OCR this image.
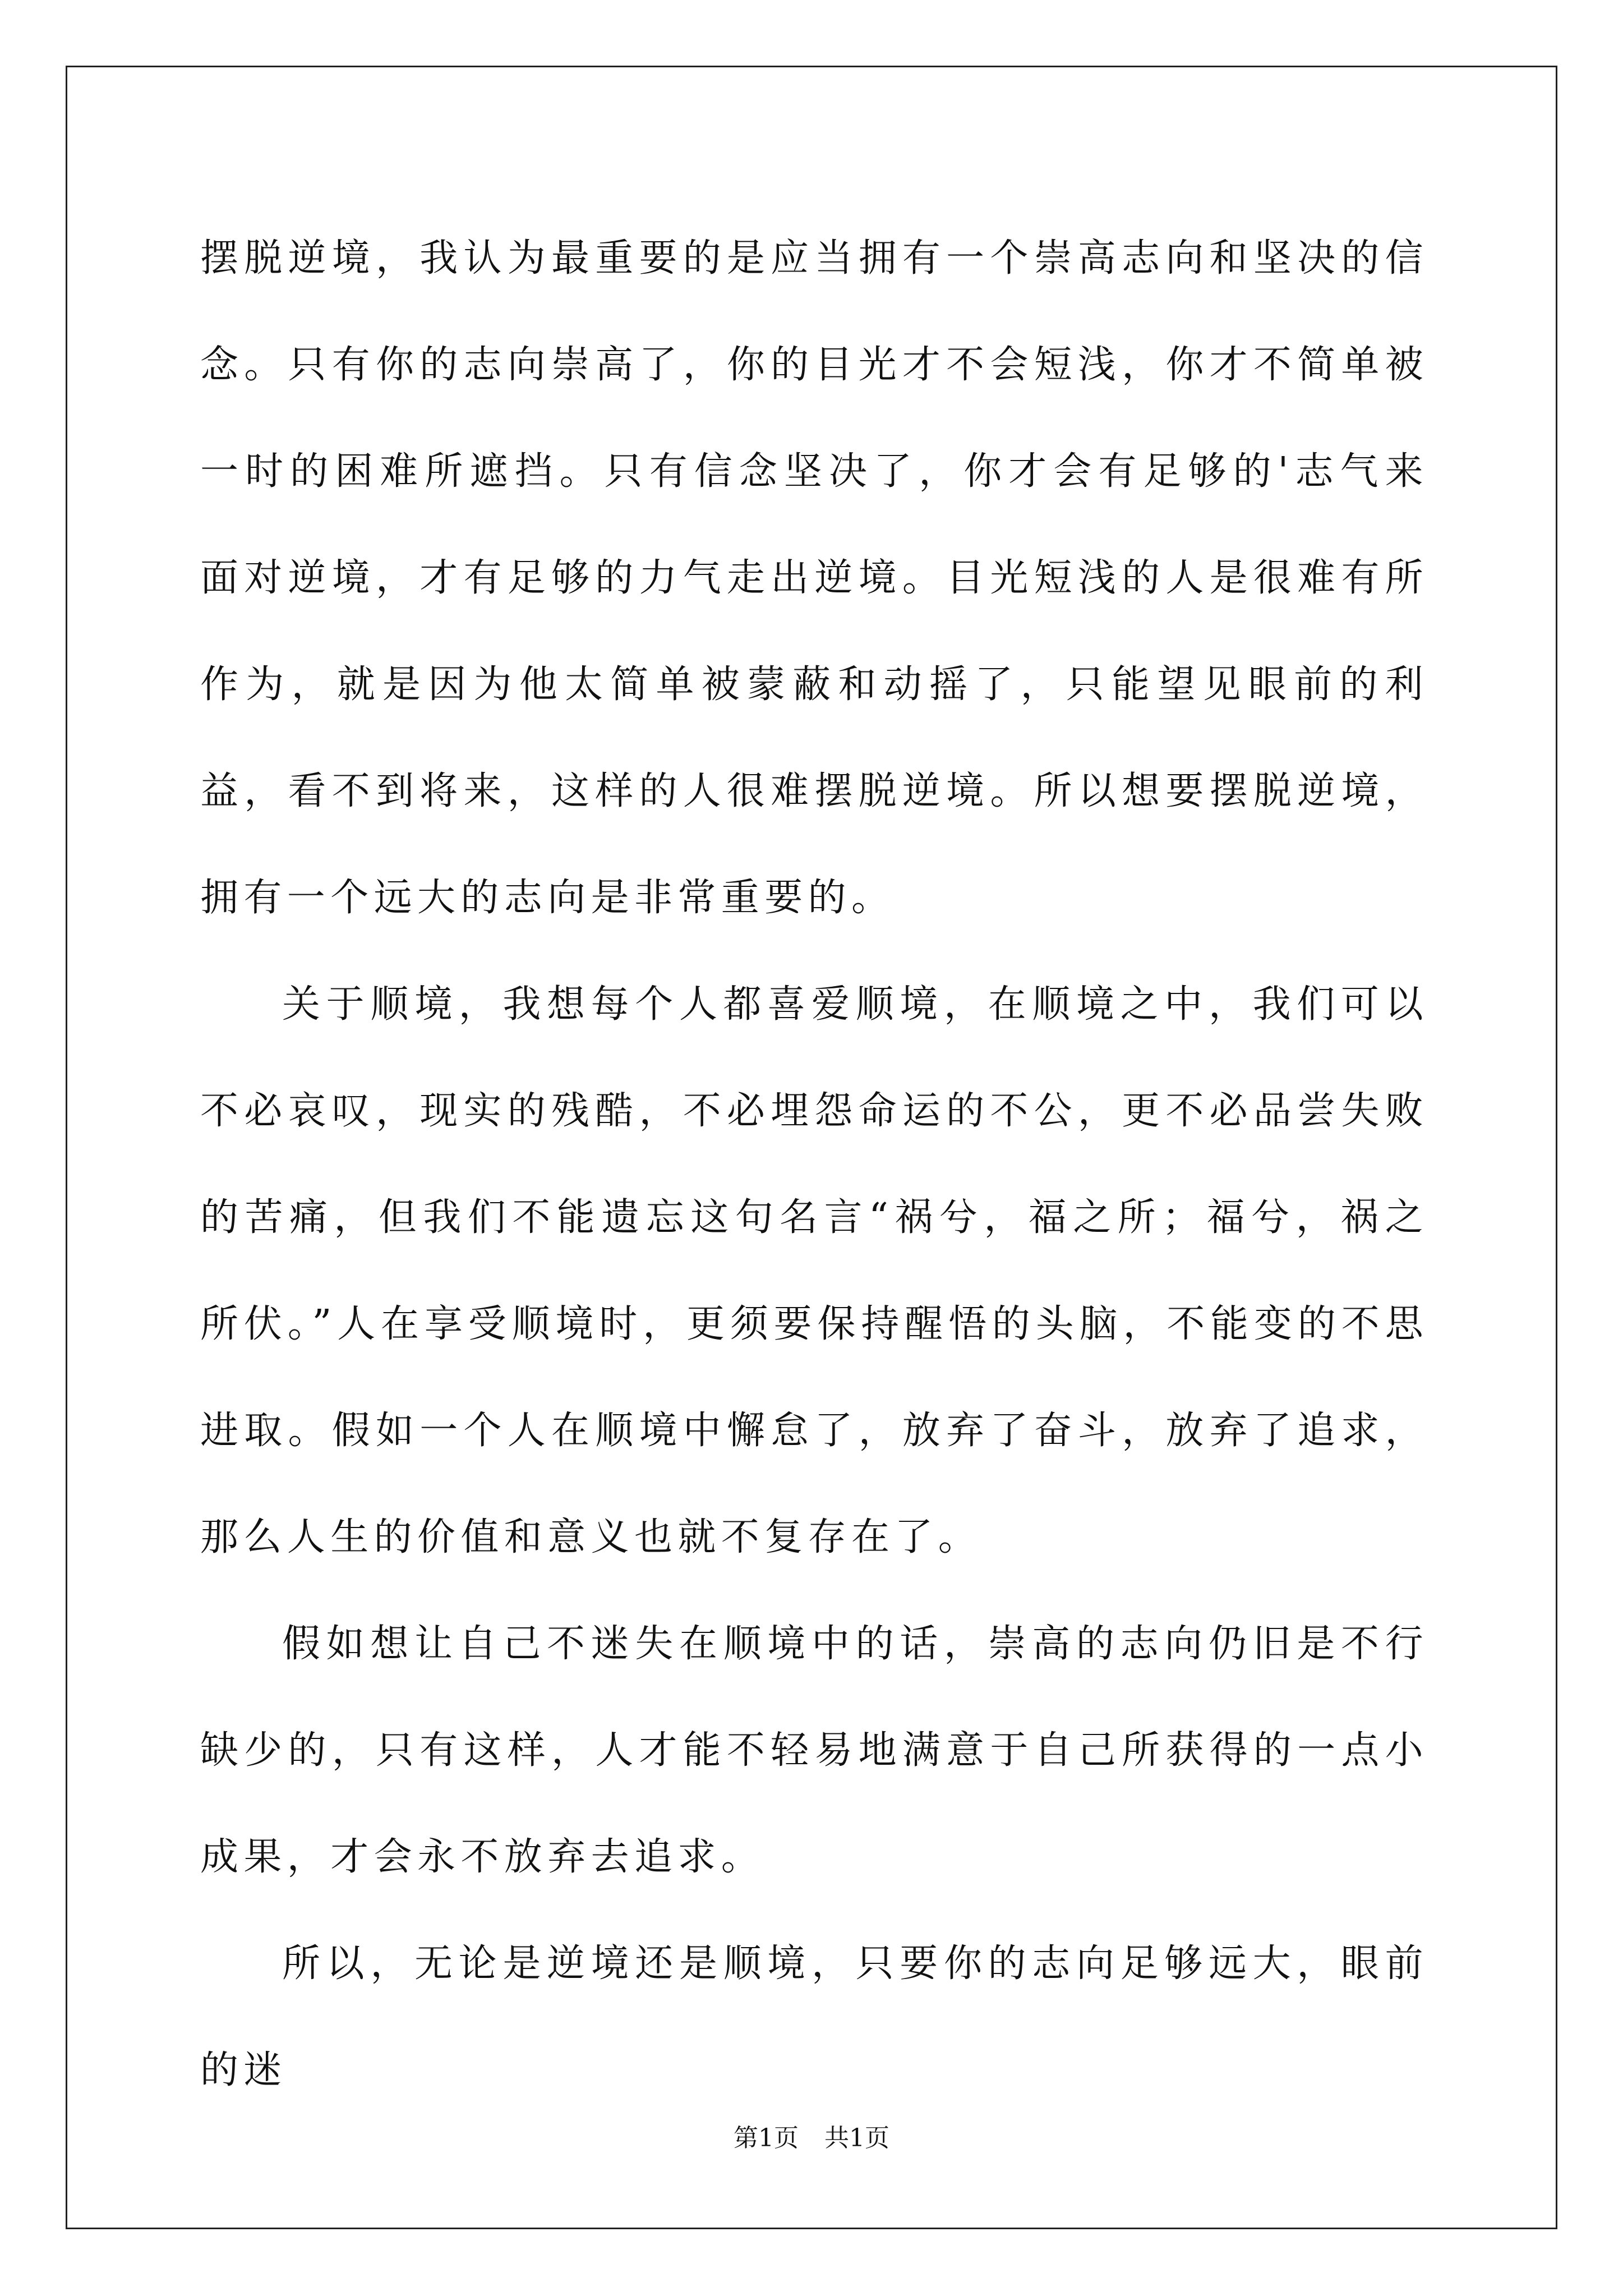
摆脱逆境，我认为最重要的是应当拥有一个崇高志向和坚决的信念。只有你的志向崇高了，你的目光才不会短浅，你才不简单被一时的困难所遮挡。只有信念坚决了，你才会有足够的'志气来面对逆境，才有足够的力气走出逆境。目光短浅的人是很难有所作为，就是因为他太简单被蒙蔽和动摇了，只能望见眼前的利益，看不到将来，这样的人很难摆脱逆境。所以想要摆脱逆境，拥有一个远大的志向是非常重要的。

关于顺境，我想每个人都喜爱顺境，在顺境之中，我们可以不必哀叹，现实的残酷，不必埋怨命运的不公，更不必品尝失败的苦痛，但我们不能遗忘这句名言“祸兮，福之所；福兮，祸之所伏。”人在享受顺境时，更须要保持醒悟的头脑，不能变的不思进取。假如一个人在顺境中懈怠了，放弃了奋斗，放弃了追求，那么人生的价值和意义也就不复存在了。

假如想让自己不迷失在顺境中的话，崇高的志向仍旧是不行缺少的，只有这样，人才能不轻易地满意于自己所获得的一点小成果，才会永不放弃去追求。

所以，无论是逆境还是顺境，只要你的志向足够远大，眼前的迷

第1页 共1页
